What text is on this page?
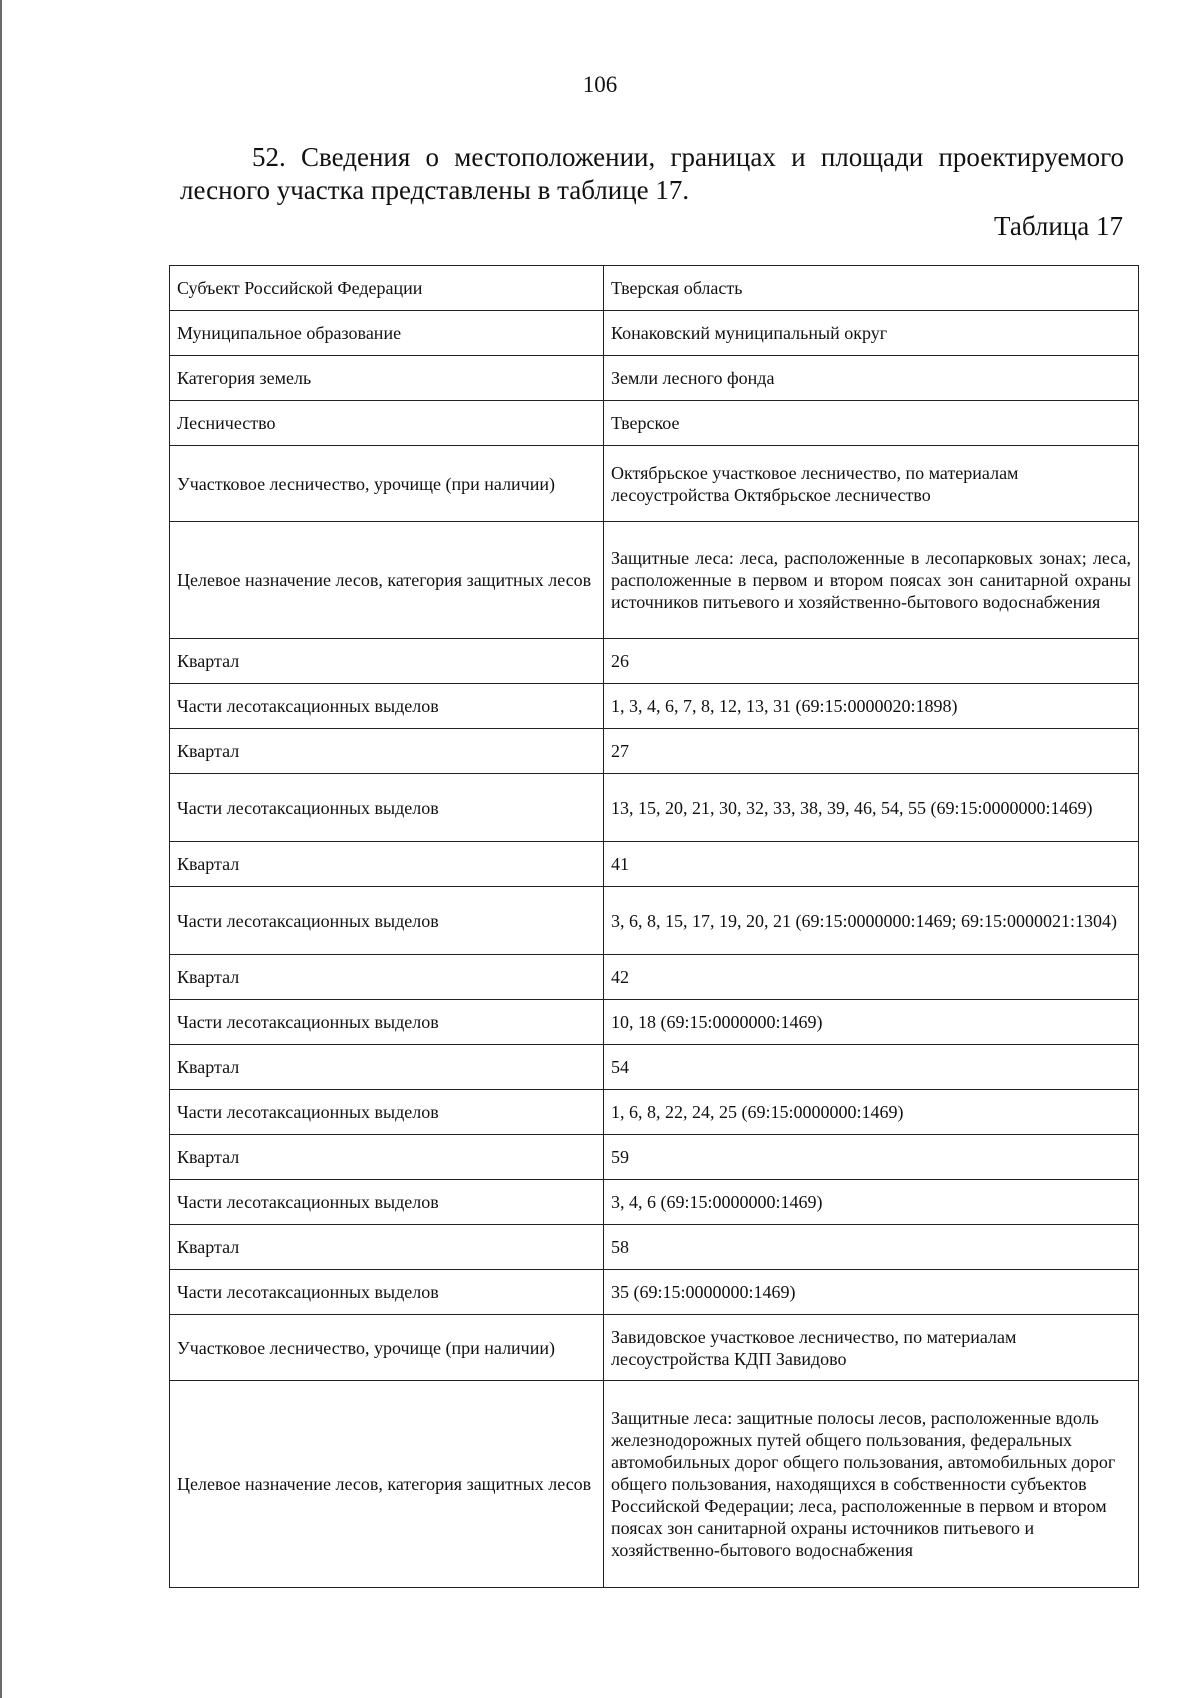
106
52. Сведения о местоположении, границах и площади проектируемого лесного участка представлены в таблице 17.
Таблица 17
Субъект Российской Федерации	Тверская область
Муниципальное образование	Конаковский муниципальный округ
Категория земель	Земли лесного фонда
Лесничество	Тверское
Участковое лесничество, урочище (при наличии)	Октябрьское участковое лесничество, по материалам лесоустройства Октябрьское лесничество
Целевое назначение лесов, категория защитных лесов	Защитные леса: леса, расположенные в лесопарковых зонах; леса, расположенные в первом и втором поясах зон санитарной охраны источников питьевого и хозяйственно-бытового водоснабжения
Квартал	26
Части лесотаксационных выделов	1, 3, 4, 6, 7, 8, 12, 13, 31 (69:15:0000020:1898)
Квартал	27
Части лесотаксационных выделов	13, 15, 20, 21, 30, 32, 33, 38, 39, 46, 54, 55 (69:15:0000000:1469)
Квартал	41
Части лесотаксационных выделов	3, 6, 8, 15, 17, 19, 20, 21 (69:15:0000000:1469; 69:15:0000021:1304)
Квартал	42
Части лесотаксационных выделов	10, 18 (69:15:0000000:1469)
Квартал	54
Части лесотаксационных выделов	1, 6, 8, 22, 24, 25 (69:15:0000000:1469)
Квартал	59
Части лесотаксационных выделов	3, 4, 6 (69:15:0000000:1469)
Квартал	58
Части лесотаксационных выделов	35 (69:15:0000000:1469)
Участковое лесничество, урочище (при наличии)	Завидовское участковое лесничество, по материалам лесоустройства КДП Завидово
Целевое назначение лесов, категория защитных лесов	Защитные леса: защитные полосы лесов, расположенные вдоль железнодорожных путей общего пользования, федеральных автомобильных дорог общего пользования, автомобильных дорог общего пользования, находящихся в собственности субъектов Российской Федерации; леса, расположенные в первом и втором поясах зон санитарной охраны источников питьевого и хозяйственно-бытового водоснабжения
